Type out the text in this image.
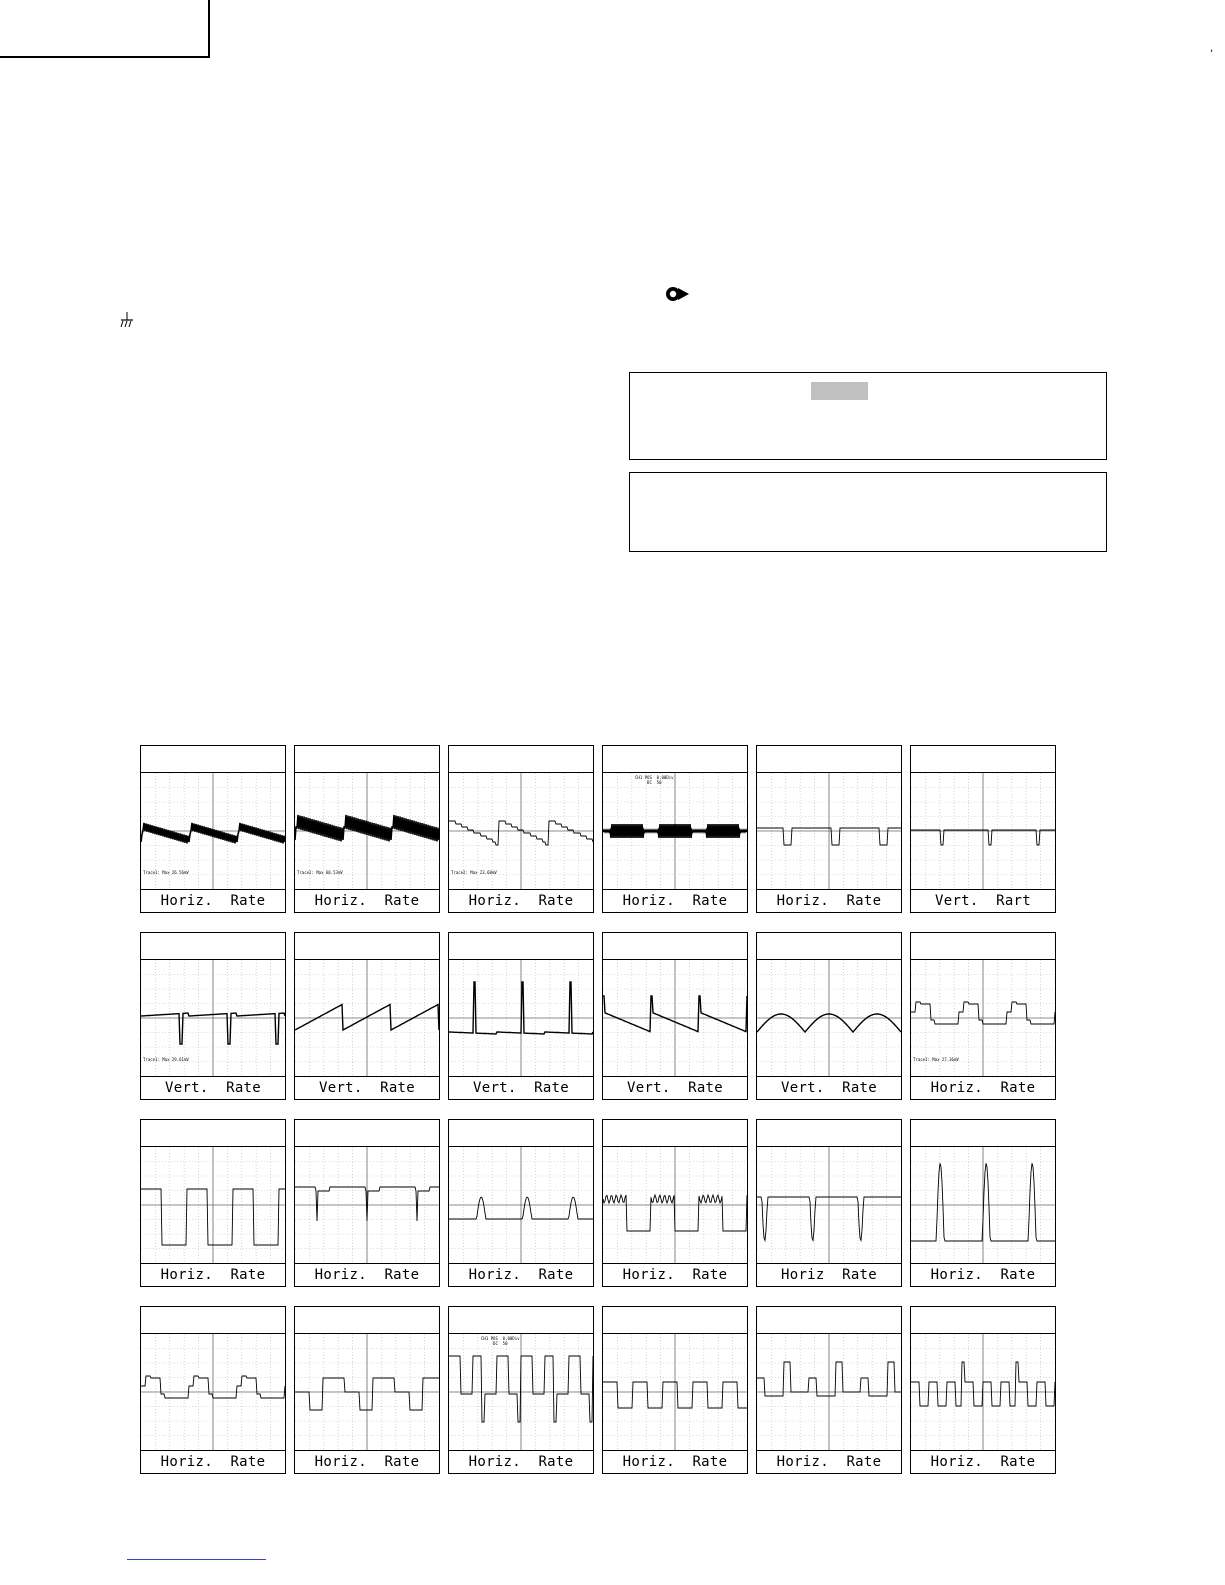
,
Trace1: Max 26.56mV
Horiz.  Rate
Trace2: Max 60.53mV
Horiz.  Rate
Trace2: Max 23.60mV
Horiz.  Rate
CH1 POS  0.00Div
DC  50
Horiz.  Rate	Horiz.  Rate	Vert.  Rart
Trace1: Max 29.61mV
Vert.  Rate	Vert.  Rate	Vert.  Rate	Vert.  Rate	Vert.  Rate
Trace1: Max 27.36mV
Horiz.  Rate
Horiz.  Rate	Horiz.  Rate	Horiz.  Rate	Horiz.  Rate	Horiz  Rate	Horiz.  Rate
Horiz.  Rate	Horiz.  Rate
CH1 POS  0.00Div
DC  50
Horiz.  Rate	Horiz.  Rate	Horiz.  Rate	Horiz.  Rate
